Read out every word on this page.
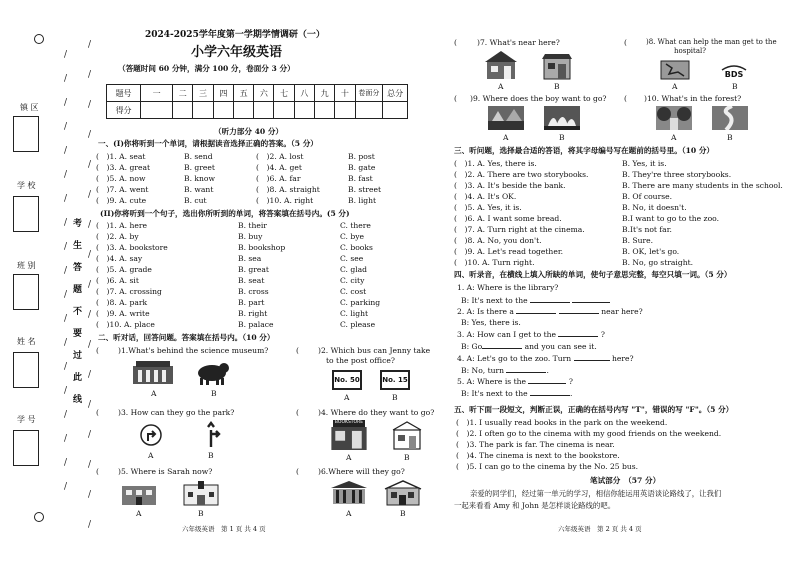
镇 区
学 校
班 别
姓 名
学 号
考
生
答
题
不
要
过
此
线
/
/
/
/
/
/
/
/
/
/
/
/
/
/
/
/
/
/
/
/
/
/
/
/
/
/
/
/
/
/
/
/
/
/
/
/
2024-2025学年度第一学期学情调研（一）
小学六年级英语
（答题时间 60 分钟，满分 100 分，卷面分 3 分）
题号	一	二	三	四	五	六	七	八	九	十	卷面分	总分
得分												
（听力部分 40 分）
一、(I)你将听到一个单词，请根据读音选择正确的答案。（5 分）
(　)1. A. seat	B. send	(　)2. A. lost	B. post
(　)3. A. great	B. greet	(　)4. A. get	B. gate
(　)5. A. now	B. know	(　)6. A. far	B. fast
(　)7. A. went	B. want	(　)8. A. straight	B. street
(　)9. A. cute	B. cut	(　)10. A. right	B. light
(II)你将听到一个句子，选出你所听到的单词，将答案填在括号内。(5 分)
(　)1. A. here	B. their	C. there
(　)2. A. by	B. buy	C. bye
(　)3. A. bookstore	B. bookshop	C. books
(　)4. A. say	B. sea	C. see
(　)5. A. grade	B. great	C. glad
(　)6. A. sit	B. seat	C. city
(　)7. A. crossing	B. cross	C. cost
(　)8. A. park	B. part	C. parking
(　)9. A. write	B. right	C. light
(　)10. A. place	B. palace	C. please
二、听对话，回答问题。答案填在括号内。（10 分）
(	)1.What's behind the science museum?
A	B
(	)2. Which bus can Jenny take
to the post office?
No. 50	No. 15
A	B
(	)3. How can they go the park?
A	B
(	)4. Where do they want to go?
BOOKSTORE
A	B
(	)5. Where is Sarah now?
A	B
(	)6.Where will they go?
A	B
六年级英语　第 1 页 共 4 页
(	)7. What's near here?
A	B
(	)8. What can help the man get to the
hospital?
BDS
A	B
( )9. Where does the boy want to go?
A	B
( )10. What's in the forest?
A	B
三、听问题，选择最合适的答语，将其字母编号写在题前的括号里。（10 分）
(　)1. A. Yes, there is.	B. Yes, it is.
(　)2. A. There are two storybooks.	B. They're three storybooks.
(　)3. A. It's beside the bank.	B. There are many students in the school.
(　)4. A. It's OK.	B. Of course.
(　)5. A. Yes, it is.	B. No, it doesn't.
(　)6. A. I want some bread.	B.I want to go to the zoo.
(　)7. A. Turn right at the cinema.	B.It's not far.
(　)8. A. No, you don't.	B. Sure.
(　)9. A. Let's read together.	B. OK, let's go.
(　)10. A. Turn right.	B. No, go straight.
四、听录音，在横线上填入所缺的单词，使句子意思完整，每空只填一词。（5 分）
1. A: Where is the library?
B: It's next to the
2. A: Is there a	near here?
B: Yes, there is.
3. A: How can I get to the	?
B: Go	and you can see it.
4. A: Let's go to the zoo. Turn	here?
B: No, turn	.
5. A: Where is the	?
B: It's next to the	.
五、听下面一段短文，判断正误，正确的在括号内写 "T"，错误的写 "F"。（5 分）
(　)1. I usually read books in the park on the weekend.
(　)2. I often go to the cinema with my good friends on the weekend.
(　)3. The park is far. The cinema is near.
(　)4. The cinema is next to the bookstore.
(　)5. I can go to the cinema by the No. 25 bus.
笔试部分　（57 分）
亲爱的同学们，经过第一单元的学习，相信你能运用英语谈论路线了，让我们
一起来看看 Amy 和 John 是怎样谈论路线的吧。
六年级英语　第 2 页 共 4 页
